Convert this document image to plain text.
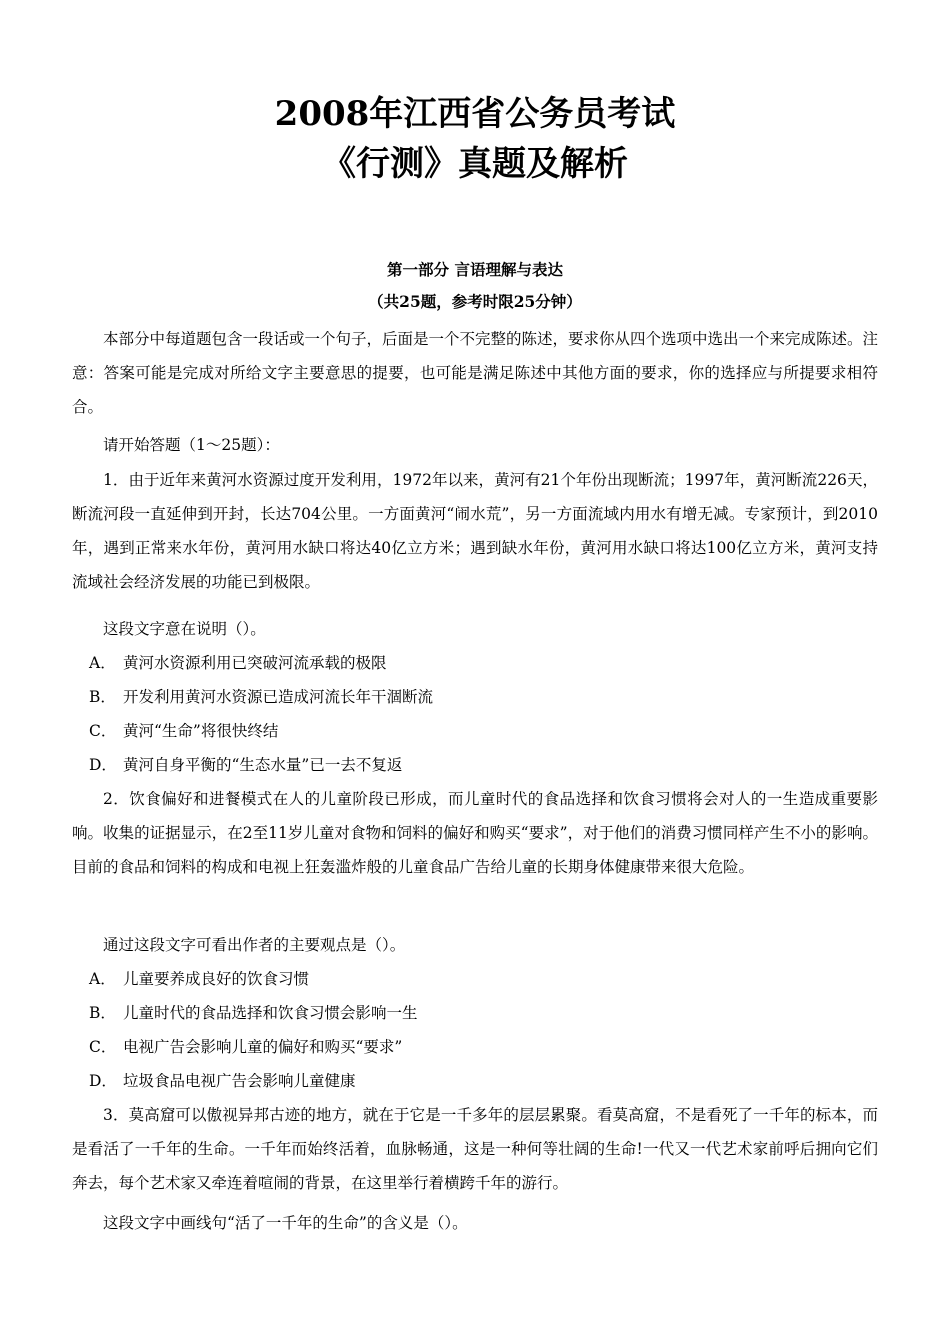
2008年江西省公务员考试
《行测》真题及解析
第一部分 言语理解与表达
（共25题，参考时限25分钟）

本部分中每道题包含一段话或一个句子，后面是一个不完整的陈述，要求你从四个选项中选出一个来完成陈述。注意：答案可能是完成对所给文字主要意思的提要，也可能是满足陈述中其他方面的要求，你的选择应与所提要求相符合。

请开始答题（1～25题）：

1．由于近年来黄河水资源过度开发利用，1972年以来，黄河有21个年份出现断流；1997年，黄河断流226天，断流河段一直延伸到开封，长达704公里。一方面黄河“闹水荒”，另一方面流域内用水有增无减。专家预计，到2010年，遇到正常来水年份，黄河用水缺口将达40亿立方米；遇到缺水年份，黄河用水缺口将达100亿立方米，黄河支持流域社会经济发展的功能已到极限。

这段文字意在说明（）。

A． 黄河水资源利用已突破河流承载的极限

B． 开发利用黄河水资源已造成河流长年干涸断流

C． 黄河“生命”将很快终结

D． 黄河自身平衡的“生态水量”已一去不复返

2．饮食偏好和进餐模式在人的儿童阶段已形成，而儿童时代的食品选择和饮食习惯将会对人的一生造成重要影响。收集的证据显示，在2至11岁儿童对食物和饲料的偏好和购买“要求”，对于他们的消费习惯同样产生不小的影响。目前的食品和饲料的构成和电视上狂轰滥炸般的儿童食品广告给儿童的长期身体健康带来很大危险。

通过这段文字可看出作者的主要观点是（）。

A． 儿童要养成良好的饮食习惯

B． 儿童时代的食品选择和饮食习惯会影响一生

C． 电视广告会影响儿童的偏好和购买“要求”

D． 垃圾食品电视广告会影响儿童健康

3．莫高窟可以傲视异邦古迹的地方，就在于它是一千多年的层层累聚。看莫高窟，不是看死了一千年的标本，而是看活了一千年的生命。一千年而始终活着，血脉畅通，这是一种何等壮阔的生命!一代又一代艺术家前呼后拥向它们奔去，每个艺术家又牵连着喧闹的背景，在这里举行着横跨千年的游行。

这段文字中画线句“活了一千年的生命”的含义是（）。
